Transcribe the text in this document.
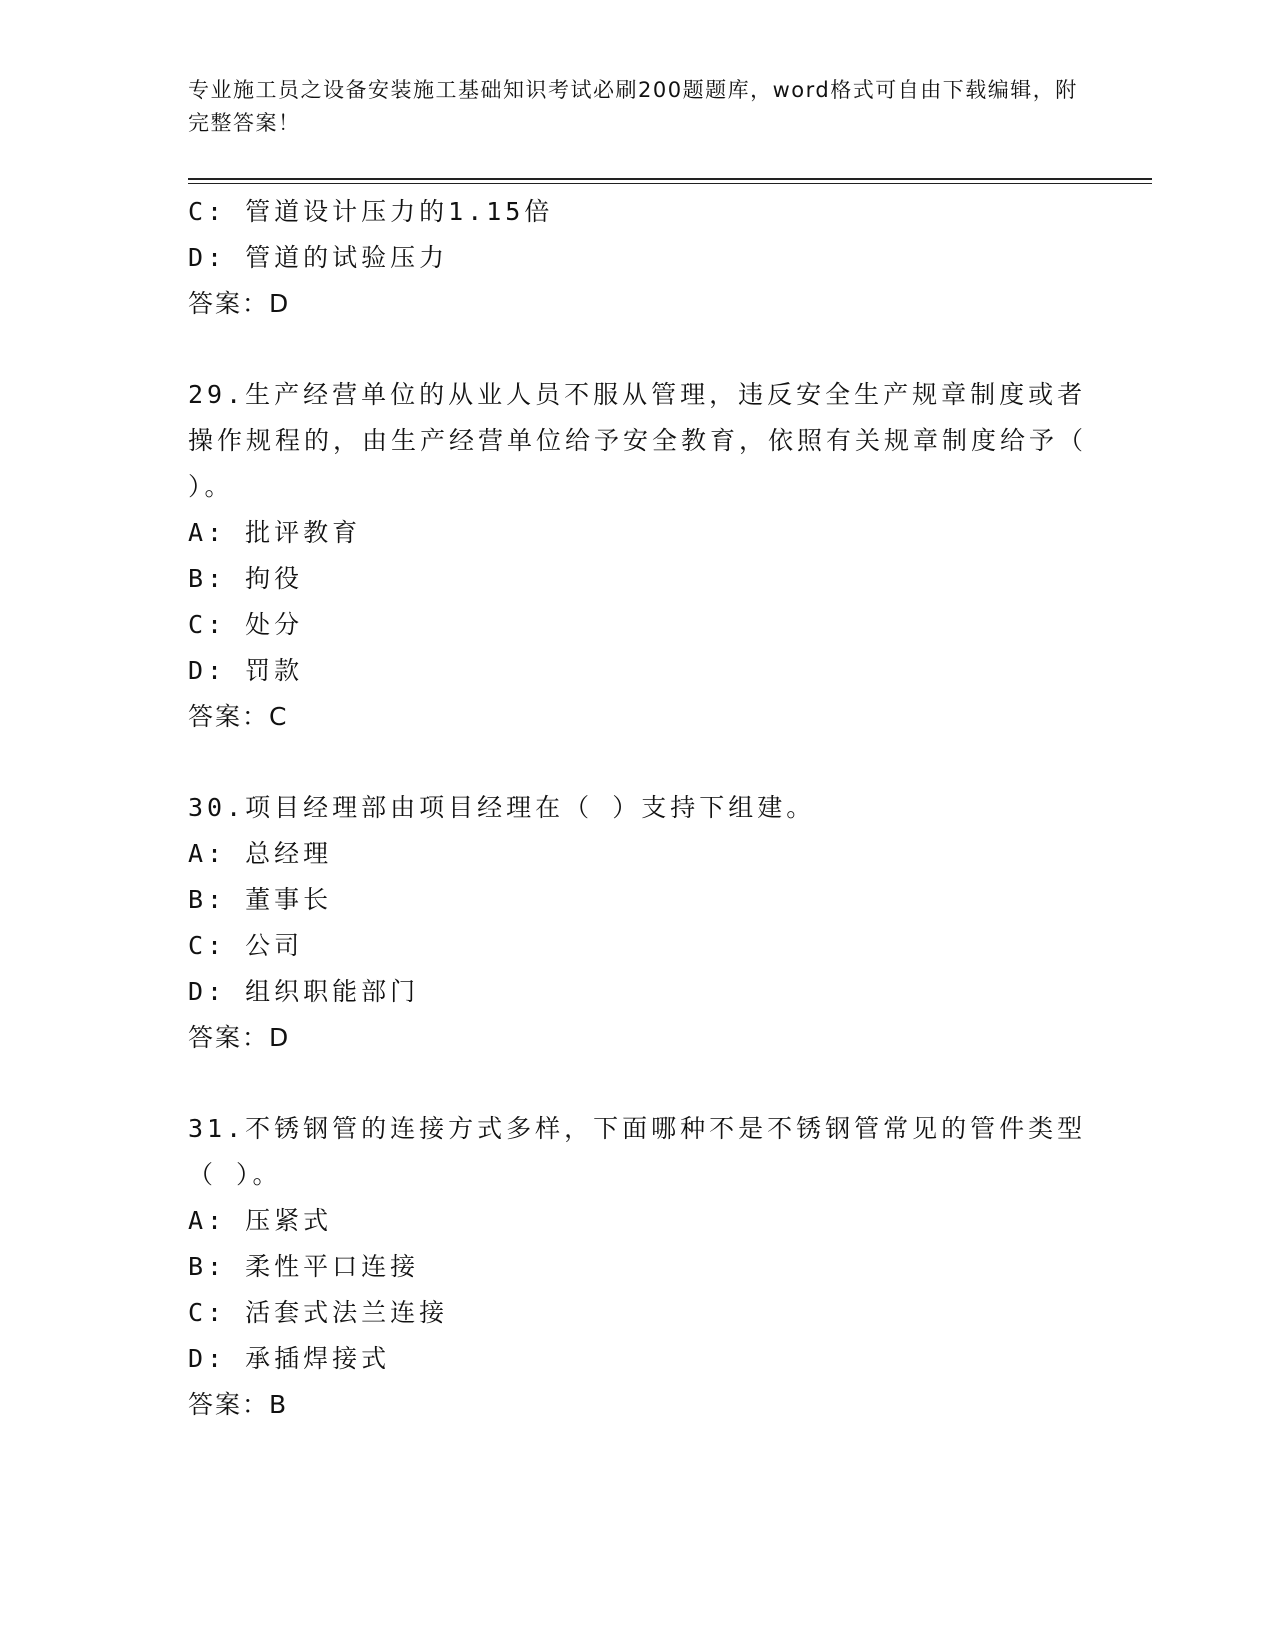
专业施工员之设备安装施工基础知识考试必刷200题题库，word格式可自由下载编辑，附完整答案！
C: 管道设计压力的1.15倍
D: 管道的试验压力
答案：D
29.生产经营单位的从业人员不服从管理，违反安全生产规章制度或者操作规程的，由生产经营单位给予安全教育，依照有关规章制度给予（ ）。
A: 批评教育
B: 拘役
C: 处分
D: 罚款
答案：C
30.项目经理部由项目经理在（ ）支持下组建。
A: 总经理
B: 董事长
C: 公司
D: 组织职能部门
答案：D
31.不锈钢管的连接方式多样，下面哪种不是不锈钢管常见的管件类型（ ）。
A: 压紧式
B: 柔性平口连接
C: 活套式法兰连接
D: 承插焊接式
答案：B
